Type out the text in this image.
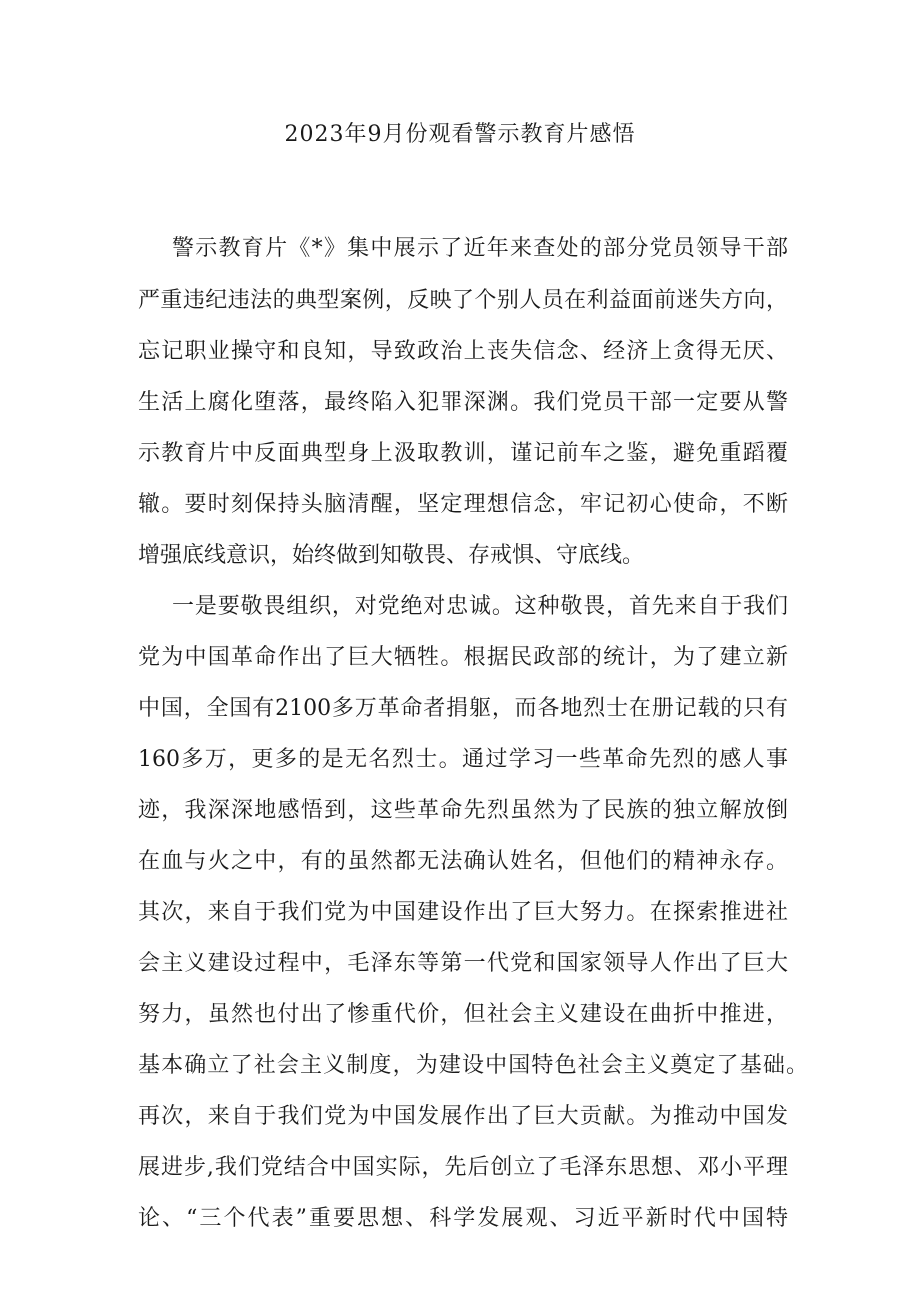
2023年9月份观看警示教育片感悟

警示教育片《*》集中展示了近年来查处的部分党员领导干部

严重违纪违法的典型案例，反映了个别人员在利益面前迷失方向，

忘记职业操守和良知，导致政治上丧失信念、经济上贪得无厌、

生活上腐化堕落，最终陷入犯罪深渊。我们党员干部一定要从警

示教育片中反面典型身上汲取教训，谨记前车之鉴，避免重蹈覆

辙。要时刻保持头脑清醒，坚定理想信念，牢记初心使命，不断

增强底线意识，始终做到知敬畏、存戒惧、守底线。

一是要敬畏组织，对党绝对忠诚。这种敬畏，首先来自于我们

党为中国革命作出了巨大牺牲。根据民政部的统计，为了建立新

中国，全国有2100多万革命者捐躯，而各地烈士在册记载的只有

160多万，更多的是无名烈士。通过学习一些革命先烈的感人事

迹，我深深地感悟到，这些革命先烈虽然为了民族的独立解放倒

在血与火之中，有的虽然都无法确认姓名，但他们的精神永存。

其次，来自于我们党为中国建设作出了巨大努力。在探索推进社

会主义建设过程中，毛泽东等第一代党和国家领导人作出了巨大

努力，虽然也付出了惨重代价，但社会主义建设在曲折中推进，

基本确立了社会主义制度，为建设中国特色社会主义奠定了基础。

再次，来自于我们党为中国发展作出了巨大贡献。为推动中国发

展进步,我们党结合中国实际，先后创立了毛泽东思想、邓小平理

论、“三个代表”重要思想、科学发展观、习近平新时代中国特
